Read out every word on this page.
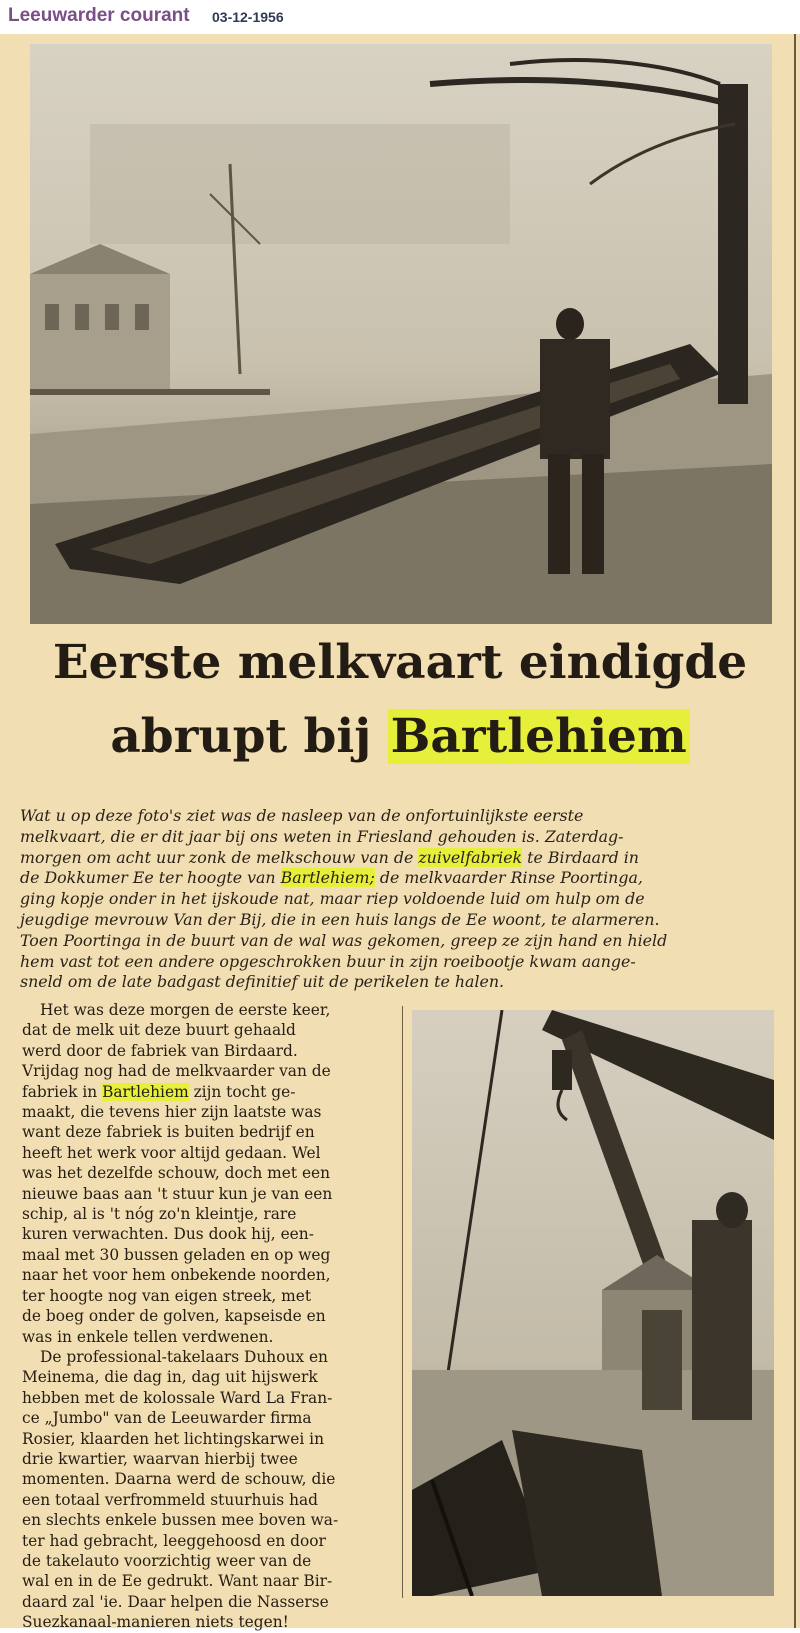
Leeuwarder courant 03-12-1956
Eerste melkvaart eindigde
abrupt bij Bartlehiem
Wat u op deze foto's ziet was de nasleep van de onfortuinlijkste eerste
melkvaart, die er dit jaar bij ons weten in Friesland gehouden is. Zaterdag-
morgen om acht uur zonk de melkschouw van de zuivelfabriek te Birdaard in
de Dokkumer Ee ter hoogte van Bartlehiem; de melkvaarder Rinse Poortinga,
ging kopje onder in het ijskoude nat, maar riep voldoende luid om hulp om de
jeugdige mevrouw Van der Bij, die in een huis langs de Ee woont, te alarmeren.
Toen Poortinga in de buurt van de wal was gekomen, greep ze zijn hand en hield
hem vast tot een andere opgeschrokken buur in zijn roeibootje kwam aange-
sneld om de late badgast definitief uit de perikelen te halen.
Het was deze morgen de eerste keer,
dat de melk uit deze buurt gehaald
werd door de fabriek van Birdaard.
Vrijdag nog had de melkvaarder van de
fabriek in Bartlehiem zijn tocht ge-
maakt, die tevens hier zijn laatste was
want deze fabriek is buiten bedrijf en
heeft het werk voor altijd gedaan. Wel
was het dezelfde schouw, doch met een
nieuwe baas aan 't stuur kun je van een
schip, al is 't nóg zo'n kleintje, rare
kuren verwachten. Dus dook hij, een-
maal met 30 bussen geladen en op weg
naar het voor hem onbekende noorden,
ter hoogte nog van eigen streek, met
de boeg onder de golven, kapseisde en
was in enkele tellen verdwenen.
De professional-takelaars Duhoux en
Meinema, die dag in, dag uit hijswerk
hebben met de kolossale Ward La Fran-
ce „Jumbo" van de Leeuwarder firma
Rosier, klaarden het lichtingskarwei in
drie kwartier, waarvan hierbij twee
momenten. Daarna werd de schouw, die
een totaal verfrommeld stuurhuis had
en slechts enkele bussen mee boven wa-
ter had gebracht, leeggehoosd en door
de takelauto voorzichtig weer van de
wal en in de Ee gedrukt. Want naar Bir-
daard zal 'ie. Daar helpen die Nasserse
Suezkanaal-manieren niets tegen!
